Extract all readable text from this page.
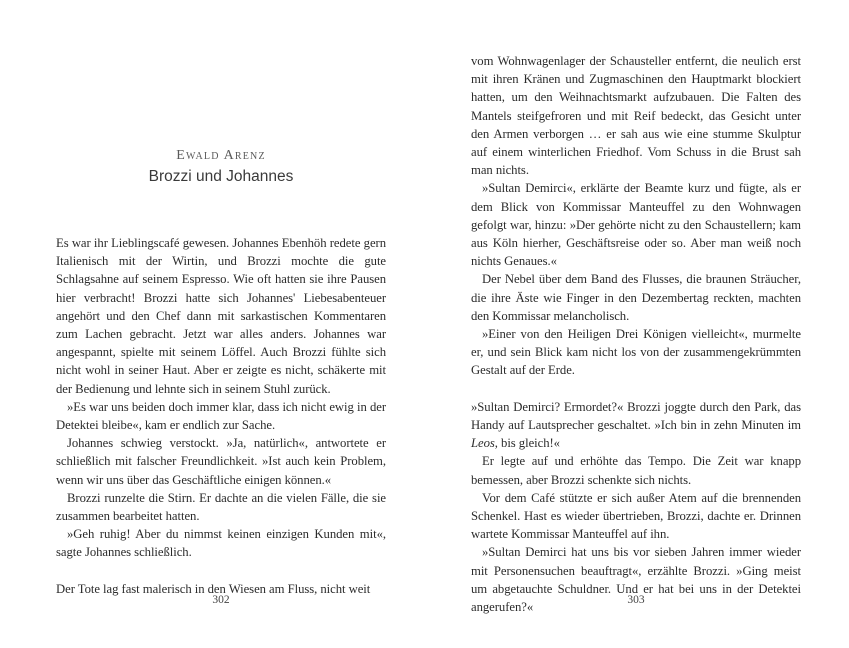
Ewald Arenz
Brozzi und Johannes

Es war ihr Lieblingscafé gewesen. Johannes Ebenhöh redete gern Italienisch mit der Wirtin, und Brozzi mochte die gute Schlagsahne auf seinem Espresso. Wie oft hatten sie ihre Pausen hier verbracht! Brozzi hatte sich Johannes' Liebesabenteuer angehört und den Chef dann mit sarkastischen Kommentaren zum Lachen gebracht. Jetzt war alles anders. Johannes war angespannt, spielte mit seinem Löffel. Auch Brozzi fühlte sich nicht wohl in seiner Haut. Aber er zeigte es nicht, schäkerte mit der Bedienung und lehnte sich in seinem Stuhl zurück.

»Es war uns beiden doch immer klar, dass ich nicht ewig in der Detektei bleibe«, kam er endlich zur Sache.

Johannes schwieg verstockt. »Ja, natürlich«, antwortete er schließlich mit falscher Freundlichkeit. »Ist auch kein Problem, wenn wir uns über das Geschäftliche einigen können.«

Brozzi runzelte die Stirn. Er dachte an die vielen Fälle, die sie zusammen bearbeitet hatten.

»Geh ruhig! Aber du nimmst keinen einzigen Kunden mit«, sagte Johannes schließlich.

Der Tote lag fast malerisch in den Wiesen am Fluss, nicht weit

302

vom Wohnwagenlager der Schausteller entfernt, die neulich erst mit ihren Kränen und Zugmaschinen den Hauptmarkt blockiert hatten, um den Weihnachtsmarkt aufzubauen. Die Falten des Mantels steifgefroren und mit Reif bedeckt, das Gesicht unter den Armen verborgen … er sah aus wie eine stumme Skulptur auf einem winterlichen Friedhof. Vom Schuss in die Brust sah man nichts.

»Sultan Demirci«, erklärte der Beamte kurz und fügte, als er dem Blick von Kommissar Manteuffel zu den Wohnwagen gefolgt war, hinzu: »Der gehörte nicht zu den Schaustellern; kam aus Köln hierher, Geschäftsreise oder so. Aber man weiß noch nichts Genaues.«

Der Nebel über dem Band des Flusses, die braunen Sträucher, die ihre Äste wie Finger in den Dezembertag reckten, machten den Kommissar melancholisch.

»Einer von den Heiligen Drei Königen vielleicht«, murmelte er, und sein Blick kam nicht los von der zusammengekrümmten Gestalt auf der Erde.

»Sultan Demirci? Ermordet?« Brozzi joggte durch den Park, das Handy auf Lautsprecher geschaltet. »Ich bin in zehn Minuten im Leos, bis gleich!«

Er legte auf und erhöhte das Tempo. Die Zeit war knapp bemessen, aber Brozzi schenkte sich nichts.

Vor dem Café stützte er sich außer Atem auf die brennenden Schenkel. Hast es wieder übertrieben, Brozzi, dachte er. Drinnen wartete Kommissar Manteuffel auf ihn.

»Sultan Demirci hat uns bis vor sieben Jahren immer wieder mit Personensuchen beauftragt«, erzählte Brozzi. »Ging meist um abgetauchte Schuldner. Und er hat bei uns in der Detektei angerufen?«

303
